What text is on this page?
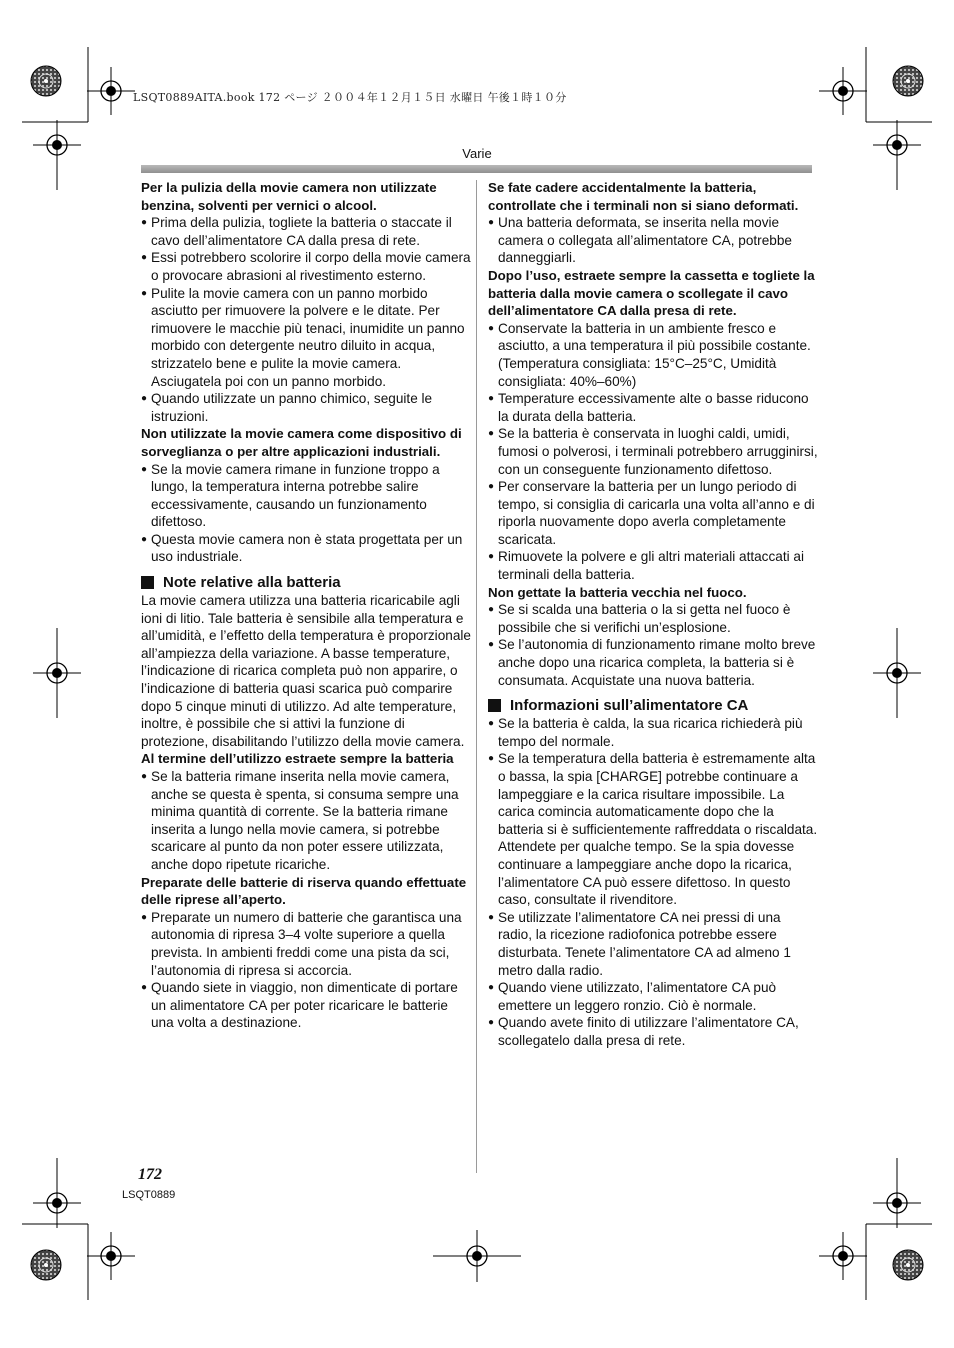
LSQT0889AITA.book 172 ページ ２００４年１２月１５日 水曜日 午後１時１０分
Varie

Per la pulizia della movie camera non utilizzate benzina, solventi per vernici o alcool.

● Prima della pulizia, togliete la batteria o staccate il cavo dell’alimentatore CA dalla presa di rete.
● Essi potrebbero scolorire il corpo della movie camera o provocare abrasioni al rivestimento esterno.
● Pulite la movie camera con un panno morbido asciutto per rimuovere la polvere e le ditate. Per rimuovere le macchie più tenaci, inumidite un panno morbido con detergente neutro diluito in acqua, strizzatelo bene e pulite la movie camera. Asciugatela poi con un panno morbido.
● Quando utilizzate un panno chimico, seguite le istruzioni.

Non utilizzate la movie camera come dispositivo di sorveglianza o per altre applicazioni industriali.

● Se la movie camera rimane in funzione troppo a lungo, la temperatura interna potrebbe salire eccessivamente, causando un funzionamento difettoso.
● Questa movie camera non è stata progettata per un uso industriale.
Note relative alla batteria

La movie camera utilizza una batteria ricaricabile agli ioni di litio. Tale batteria è sensibile alla temperatura e all’umidità, e l’effetto della temperatura è proporzionale all’ampiezza della variazione. A basse temperature, l’indicazione di ricarica completa può non apparire, o l’indicazione di batteria quasi scarica può comparire dopo 5 cinque minuti di utilizzo. Ad alte temperature, inoltre, è possibile che si attivi la funzione di protezione, disabilitando l’utilizzo della movie camera.

Al termine dell’utilizzo estraete sempre la batteria

● Se la batteria rimane inserita nella movie camera, anche se questa è spenta, si consuma sempre una minima quantità di corrente. Se la batteria rimane inserita a lungo nella movie camera, si potrebbe scaricare al punto da non poter essere utilizzata, anche dopo ripetute ricariche.

Preparate delle batterie di riserva quando effettuate delle riprese all’aperto.

● Preparate un numero di batterie che garantisca una autonomia di ripresa 3–4 volte superiore a quella prevista. In ambienti freddi come una pista da sci, l’autonomia di ripresa si accorcia.
● Quando siete in viaggio, non dimenticate di portare un alimentatore CA per poter ricaricare le batterie una volta a destinazione.

Se fate cadere accidentalmente la batteria, controllate che i terminali non si siano deformati.

● Una batteria deformata, se inserita nella movie camera o collegata all’alimentatore CA, potrebbe danneggiarli.

Dopo l’uso, estraete sempre la cassetta e togliete la batteria dalla movie camera o scollegate il cavo dell’alimentatore CA dalla presa di rete.

● Conservate la batteria in un ambiente fresco e asciutto, a una temperatura il più possibile costante. (Temperatura consigliata: 15°C–25°C, Umidità consigliata: 40%–60%)
● Temperature eccessivamente alte o basse riducono la durata della batteria.
● Se la batteria è conservata in luoghi caldi, umidi, fumosi o polverosi, i terminali potrebbero arrugginirsi, con un conseguente funzionamento difettoso.
● Per conservare la batteria per un lungo periodo di tempo, si consiglia di caricarla una volta all’anno e di riporla nuovamente dopo averla completamente scaricata.
● Rimuovete la polvere e gli altri materiali attaccati ai terminali della batteria.

Non gettate la batteria vecchia nel fuoco.

● Se si scalda una batteria o la si getta nel fuoco è possibile che si verifichi un’esplosione.
● Se l’autonomia di funzionamento rimane molto breve anche dopo una ricarica completa, la batteria si è consumata. Acquistate una nuova batteria.
Informazioni sull’alimentatore CA
● Se la batteria è calda, la sua ricarica richiederà più tempo del normale.
● Se la temperatura della batteria è estremamente alta o bassa, la spia [CHARGE] potrebbe continuare a lampeggiare e la carica risultare impossibile. La carica comincia automaticamente dopo che la batteria si è sufficientemente raffreddata o riscaldata. Attendete per qualche tempo. Se la spia dovesse continuare a lampeggiare anche dopo la ricarica, l’alimentatore CA può essere difettoso. In questo caso, consultate il rivenditore.
● Se utilizzate l’alimentatore CA nei pressi di una radio, la ricezione radiofonica potrebbe essere disturbata. Tenete l’alimentatore CA ad almeno 1 metro dalla radio.
● Quando viene utilizzato, l’alimentatore CA può emettere un leggero ronzio. Ciò è normale.
● Quando avete finito di utilizzare l’alimentatore CA, scollegatelo dalla presa di rete.
172
LSQT0889
